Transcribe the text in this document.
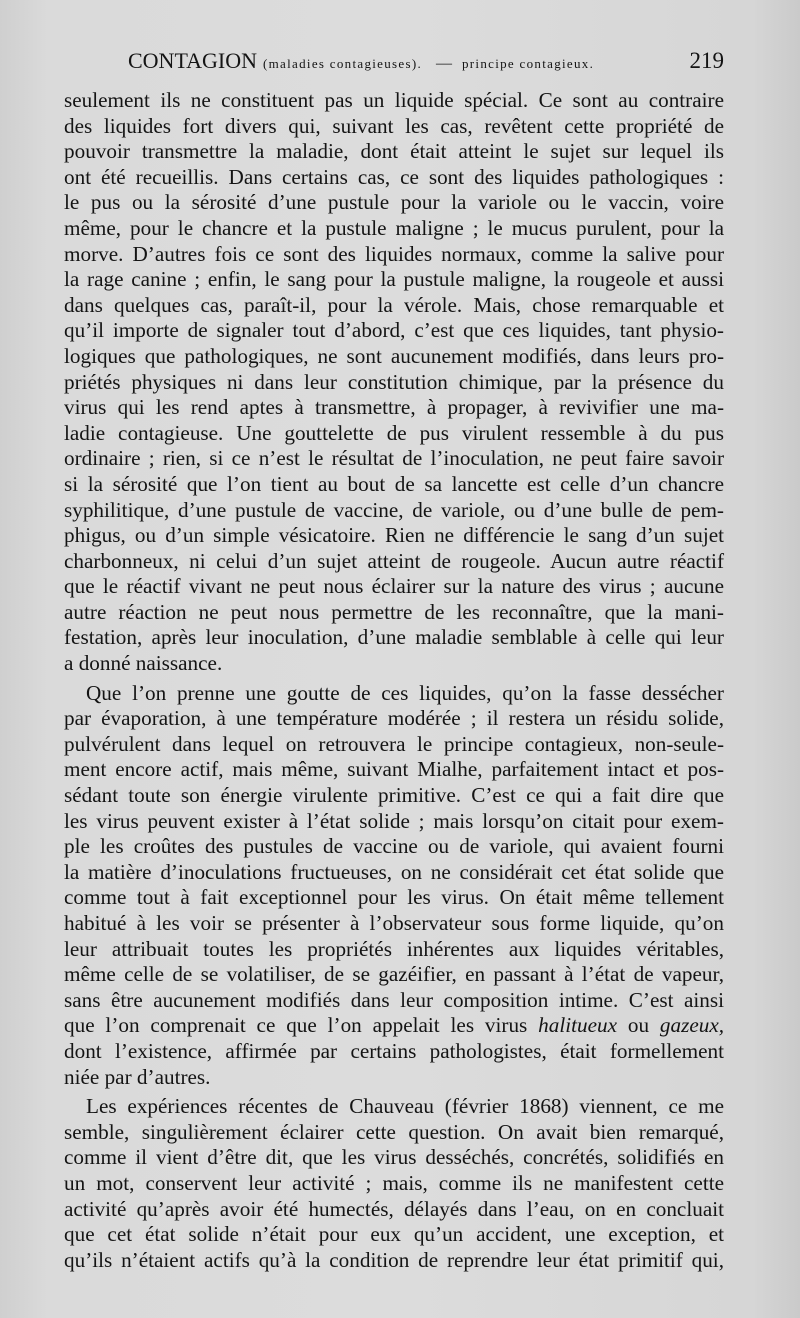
CONTAGION (maladies contagieuses). — principe contagieux.	219
seulement ils ne constituent pas un liquide spécial. Ce sont au contraire
des liquides fort divers qui, suivant les cas, revêtent cette propriété de
pouvoir transmettre la maladie, dont était atteint le sujet sur lequel ils
ont été recueillis. Dans certains cas, ce sont des liquides pathologiques :
le pus ou la sérosité d’une pustule pour la variole ou le vaccin, voire
même, pour le chancre et la pustule maligne ; le mucus purulent, pour la
morve. D’autres fois ce sont des liquides normaux, comme la salive pour
la rage canine ; enfin, le sang pour la pustule maligne, la rougeole et aussi
dans quelques cas, paraît-il, pour la vérole. Mais, chose remarquable et
qu’il importe de signaler tout d’abord, c’est que ces liquides, tant physio-
logiques que pathologiques, ne sont aucunement modifiés, dans leurs pro-
priétés physiques ni dans leur constitution chimique, par la présence du
virus qui les rend aptes à transmettre, à propager, à revivifier une ma-
ladie contagieuse. Une gouttelette de pus virulent ressemble à du pus
ordinaire ; rien, si ce n’est le résultat de l’inoculation, ne peut faire savoir
si la sérosité que l’on tient au bout de sa lancette est celle d’un chancre
syphilitique, d’une pustule de vaccine, de variole, ou d’une bulle de pem-
phigus, ou d’un simple vésicatoire. Rien ne différencie le sang d’un sujet
charbonneux, ni celui d’un sujet atteint de rougeole. Aucun autre réactif
que le réactif vivant ne peut nous éclairer sur la nature des virus ; aucune
autre réaction ne peut nous permettre de les reconnaître, que la mani-
festation, après leur inoculation, d’une maladie semblable à celle qui leur
a donné naissance.
Que l’on prenne une goutte de ces liquides, qu’on la fasse dessécher
par évaporation, à une température modérée ; il restera un résidu solide,
pulvérulent dans lequel on retrouvera le principe contagieux, non-seule-
ment encore actif, mais même, suivant Mialhe, parfaitement intact et pos-
sédant toute son énergie virulente primitive. C’est ce qui a fait dire que
les virus peuvent exister à l’état solide ; mais lorsqu’on citait pour exem-
ple les croûtes des pustules de vaccine ou de variole, qui avaient fourni
la matière d’inoculations fructueuses, on ne considérait cet état solide que
comme tout à fait exceptionnel pour les virus. On était même tellement
habitué à les voir se présenter à l’observateur sous forme liquide, qu’on
leur attribuait toutes les propriétés inhérentes aux liquides véritables,
même celle de se volatiliser, de se gazéifier, en passant à l’état de vapeur,
sans être aucunement modifiés dans leur composition intime. C’est ainsi
que l’on comprenait ce que l’on appelait les virus halitueux ou gazeux,
dont l’existence, affirmée par certains pathologistes, était formellement
niée par d’autres.
Les expériences récentes de Chauveau (février 1868) viennent, ce me
semble, singulièrement éclairer cette question. On avait bien remarqué,
comme il vient d’être dit, que les virus desséchés, concrétés, solidifiés en
un mot, conservent leur activité ; mais, comme ils ne manifestent cette
activité qu’après avoir été humectés, délayés dans l’eau, on en concluait
que cet état solide n’était pour eux qu’un accident, une exception, et
qu’ils n’étaient actifs qu’à la condition de reprendre leur état primitif qui,
